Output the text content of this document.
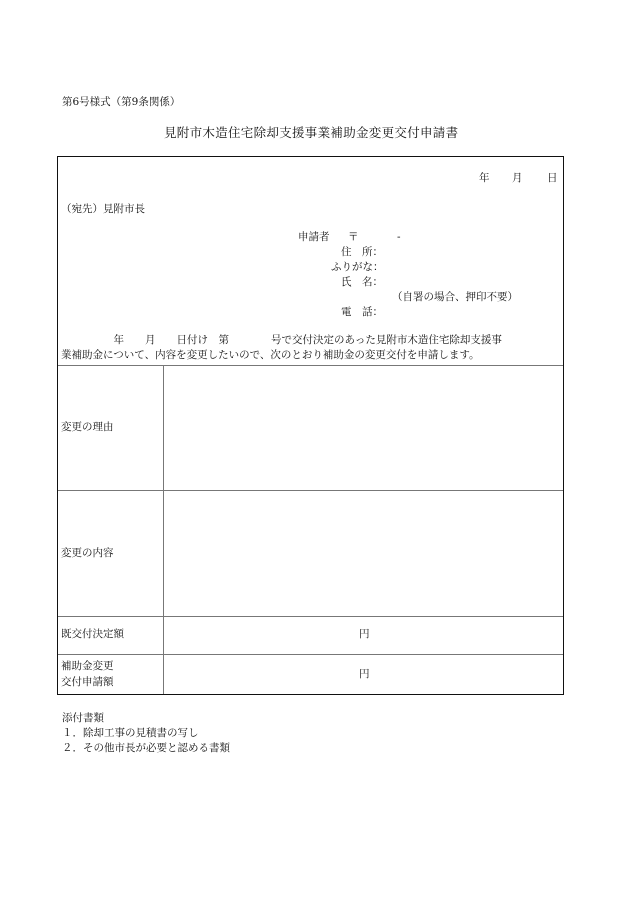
第6号様式（第9条関係）
見附市木造住宅除却支援事業補助金変更交付申請書
年 月 日
（宛先）見附市長
申請者 〒	-
住　所：
ふりがな：
氏　名：
（自署の場合、押印不要）
電　話：
　　　　　年　　月　　日付け　第　　　　号で交付決定のあった見附市木造住宅除却支援事
業補助金について、内容を変更したいので、次のとおり補助金の変更交付を申請します。
変更の理由
変更の内容
既交付決定額	円
補助金変更
交付申請額
円
添付書類
１．除却工事の見積書の写し
２．その他市長が必要と認める書類
